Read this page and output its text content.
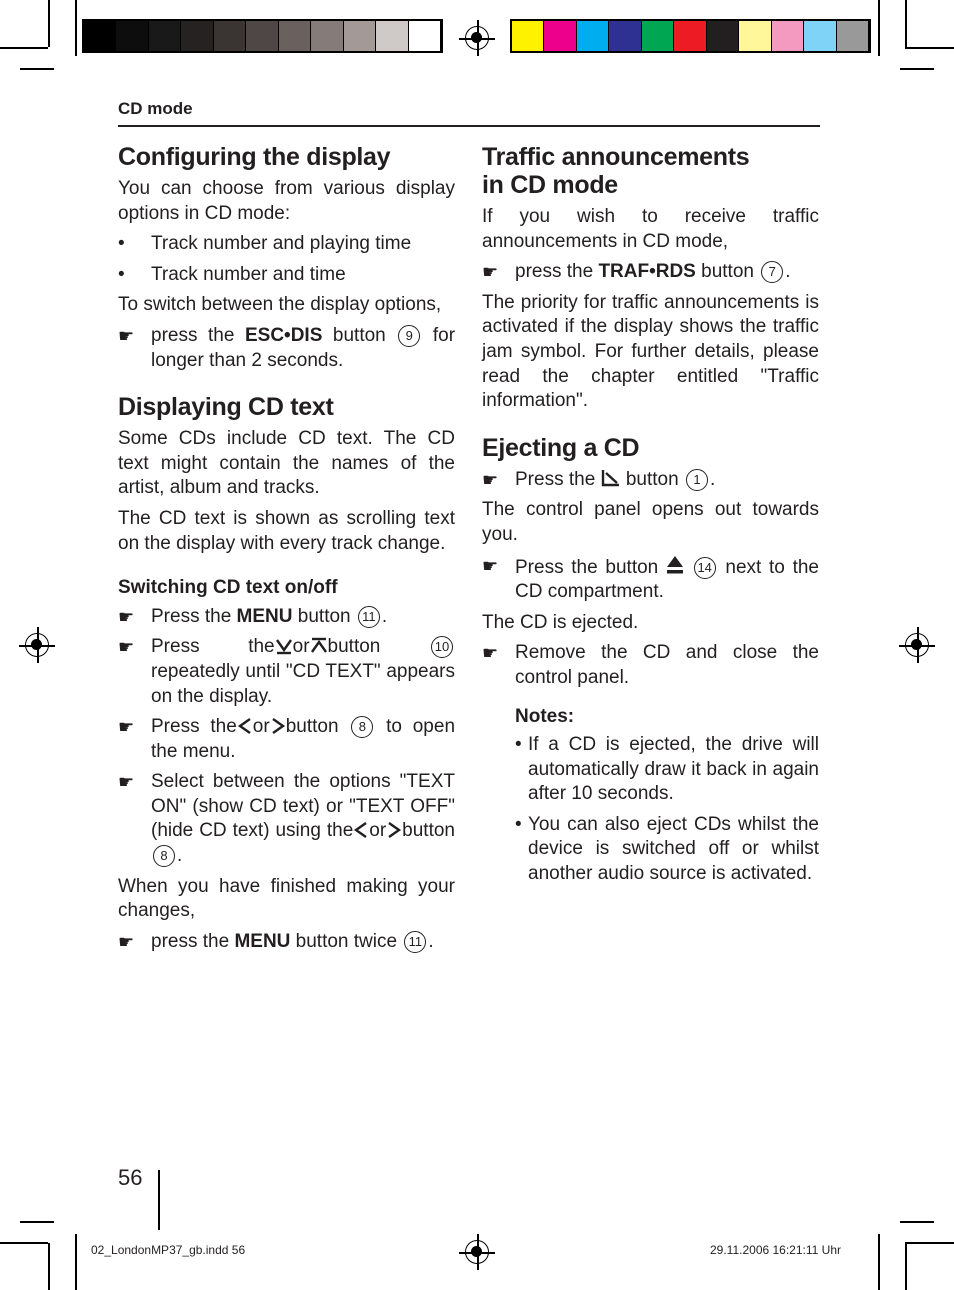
CD mode
Configuring the display

You can choose from various display options in CD mode:

• Track number and playing time
• Track number and time

To switch between the display options,

☛ press the ESC•DIS button 9 for longer than 2 seconds.
Displaying CD text

Some CDs include CD text. The CD text might contain the names of the artist, album and tracks.

The CD text is shown as scrolling text on the display with every track change.

Switching CD text on/off
☛ Press the MENU button 11 .
☛ Press the or button	10 repeatedly until "CD TEXT" appears on the display.
☛ Press the or button 8 to open the menu.
☛ Select between the options "TEXT ON" (show CD text) or "TEXT OFF" (hide CD text) using the or button 8 .

When you have finished making your changes,

☛ press the MENU button twice 11 .
Traffic announcements in CD mode

If you wish to receive traffic announcements in CD mode,

☛ press the TRAF•RDS button 7 .

The priority for traffic announcements is activated if the display shows the traffic jam symbol. For further details, please read the chapter entitled "Traffic information".

Ejecting a CD
☛ Press the button 1 .

The control panel opens out towards you.

☛ Press the button	14 next to the CD compartment.

The CD is ejected.

☛ Remove the CD and close the control panel.
Notes:
• If a CD is ejected, the drive will automatically draw it back in again after 10 seconds.
• You can also eject CDs whilst the device is switched off or whilst another audio source is activated.
56
02_LondonMP37_gb.indd 56	29.11.2006 16:21:11 Uhr
